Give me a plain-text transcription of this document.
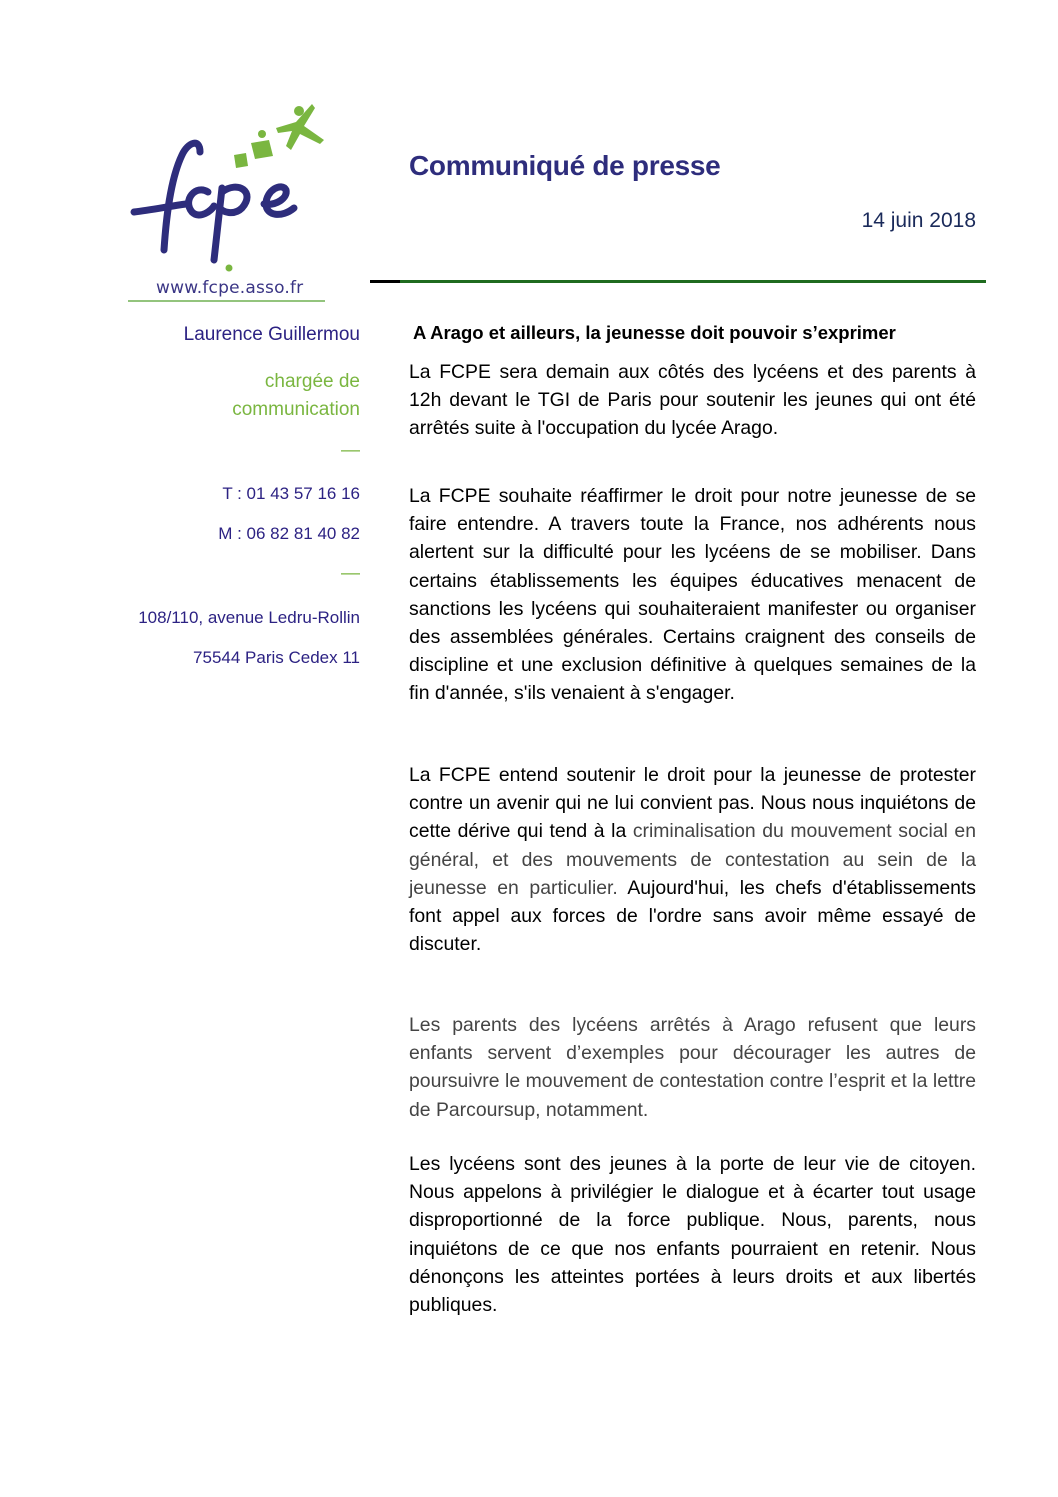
www.fcpe.asso.fr
Communiqué de presse
14 juin 2018
Laurence Guillermou
chargée de
communication
—
T : 01 43 57 16 16
M : 06 82 81 40 82
—
108/110, avenue Ledru-Rollin
75544 Paris Cedex 11
A Arago et ailleurs, la jeunesse doit pouvoir s’exprimer

La FCPE sera demain aux côtés des lycéens et des parents à 12h devant le TGI de Paris pour soutenir les jeunes qui ont été arrêtés suite à l'occupation du lycée Arago.

La FCPE souhaite réaffirmer le droit pour notre jeunesse de se faire entendre. A travers toute la France, nos adhérents nous alertent sur la difficulté pour les lycéens de se mobiliser. Dans certains établissements les équipes éducatives menacent de sanctions les lycéens qui souhaiteraient manifester ou organiser des assemblées générales. Certains craignent des conseils de discipline et une exclusion définitive à quelques semaines de la fin d'année, s'ils venaient à s'engager.

La FCPE entend soutenir le droit pour la jeunesse de protester contre un avenir qui ne lui convient pas. Nous nous inquiétons de cette dérive qui tend à la criminalisation du mouvement social en général, et des mouvements de contestation au sein de la jeunesse en particulier. Aujourd'hui, les chefs d'établissements font appel aux forces de l'ordre sans avoir même essayé de discuter.

Les parents des lycéens arrêtés à Arago refusent que leurs enfants servent d’exemples pour décourager les autres de poursuivre le mouvement de contestation contre l’esprit et la lettre de Parcoursup, notamment.

Les lycéens sont des jeunes à la porte de leur vie de citoyen. Nous appelons à privilégier le dialogue et à écarter tout usage disproportionné de la force publique. Nous, parents, nous inquiétons de ce que nos enfants pourraient en retenir. Nous dénonçons les atteintes portées à leurs droits et aux libertés publiques.
